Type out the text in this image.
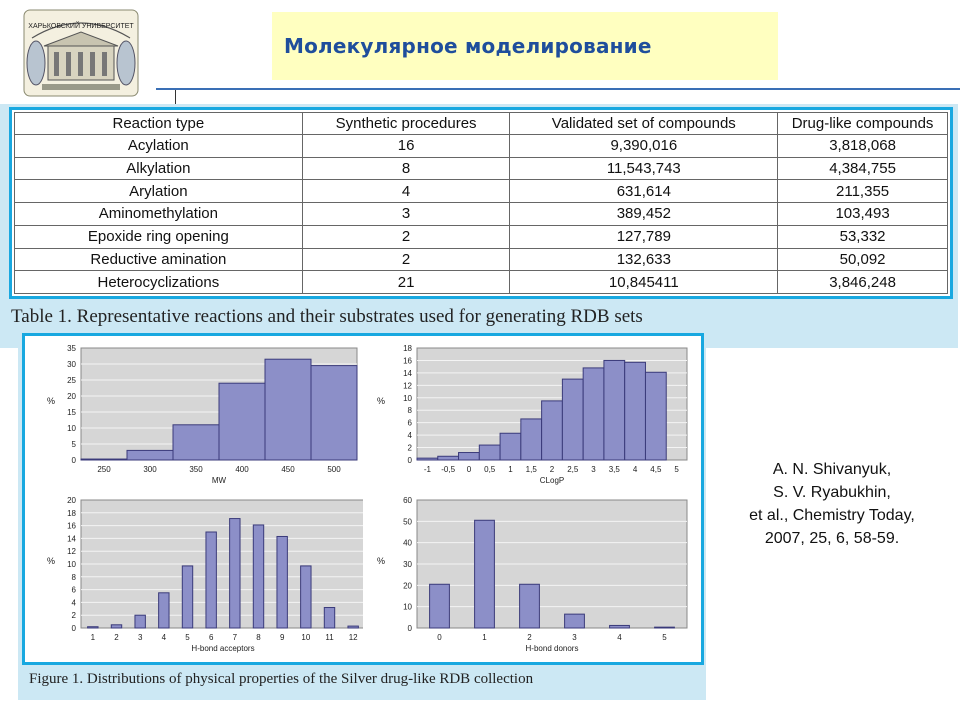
ХАРЬКОВСКИЙ УНИВЕРСИТЕТ
Молекулярное моделирование
Reaction type	Synthetic procedures	Validated set of compounds	Drug-like compounds
Acylation	16	9,390,016	3,818,068
Alkylation	8	11,543,743	4,384,755
Arylation	4	631,614	211,355
Aminomethylation	3	389,452	103,493
Epoxide ring opening	2	127,789	53,332
Reductive amination	2	132,633	50,092
Heterocyclizations	21	10,845411	3,846,248
Table 1. Representative reactions and their substrates used for generating RDB sets
0
5
10
15
20
25
30
35
250	300	350	400	450	500
MW
%
0
2
4
6
8
10
12
14
16
18
-1 -0,5 0 0,5 1 1,5 2 2,5 3 3,5 4 4,5 5
CLogP
%
0
2
4
6
8
10
12
14
16
18
20
1 2 3 4 5 6 7 8 9 10 11 12
H-bond acceptors
%
0
10
20
30
40
50
60
0	1	2	3	4	5
H-bond donors
%
Figure 1. Distributions of physical properties of the Silver drug-like RDB collection
A. N. Shivanyuk,
S. V. Ryabukhin,
et al., Chemistry Today,
2007, 25, 6, 58-59.
